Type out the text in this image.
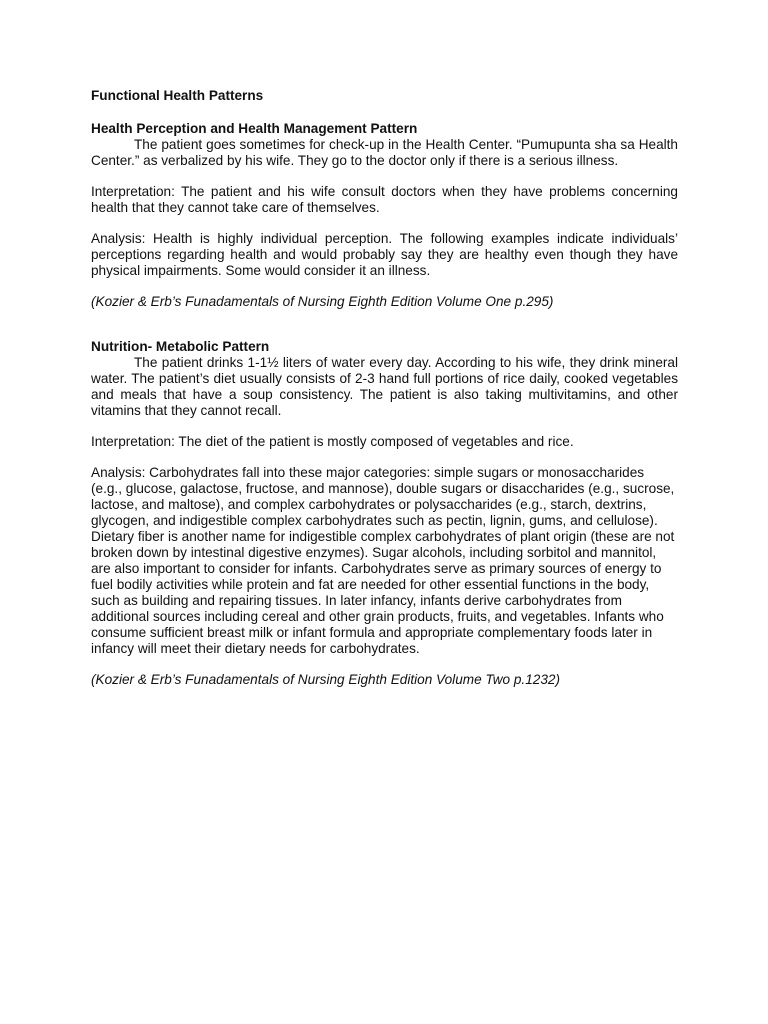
Functional Health Patterns

Health Perception and Health Management Pattern

The patient goes sometimes for check-up in the Health Center. “Pumupunta sha sa Health Center.” as verbalized by his wife. They go to the doctor only if there is a serious illness.

Interpretation: The patient and his wife consult doctors when they have problems concerning health that they cannot take care of themselves.

Analysis: Health is highly individual perception. The following examples indicate individuals’ perceptions regarding health and would probably say they are healthy even though they have physical impairments. Some would consider it an illness.

(Kozier & Erb’s Funadamentals of Nursing Eighth Edition Volume One p.295)

Nutrition- Metabolic Pattern

The patient drinks 1-1½ liters of water every day. According to his wife, they drink mineral water. The patient’s diet usually consists of 2-3 hand full portions of rice daily, cooked vegetables and meals that have a soup consistency. The patient is also taking multivitamins, and other vitamins that they cannot recall.

Interpretation: The diet of the patient is mostly composed of vegetables and rice.

Analysis: Carbohydrates fall into these major categories: simple sugars or monosaccharides (e.g., glucose, galactose, fructose, and mannose), double sugars or disaccharides (e.g., sucrose, lactose, and maltose), and complex carbohydrates or polysaccharides (e.g., starch, dextrins, glycogen, and indigestible complex carbohydrates such as pectin, lignin, gums, and cellulose). Dietary fiber is another name for indigestible complex carbohydrates of plant origin (these are not broken down by intestinal digestive enzymes). Sugar alcohols, including sorbitol and mannitol, are also important to consider for infants. Carbohydrates serve as primary sources of energy to fuel bodily activities while protein and fat are needed for other essential functions in the body, such as building and repairing tissues. In later infancy, infants derive carbohydrates from additional sources including cereal and other grain products, fruits, and vegetables. Infants who consume sufficient breast milk or infant formula and appropriate complementary foods later in infancy will meet their dietary needs for carbohydrates.

(Kozier & Erb’s Funadamentals of Nursing Eighth Edition Volume Two p.1232)
